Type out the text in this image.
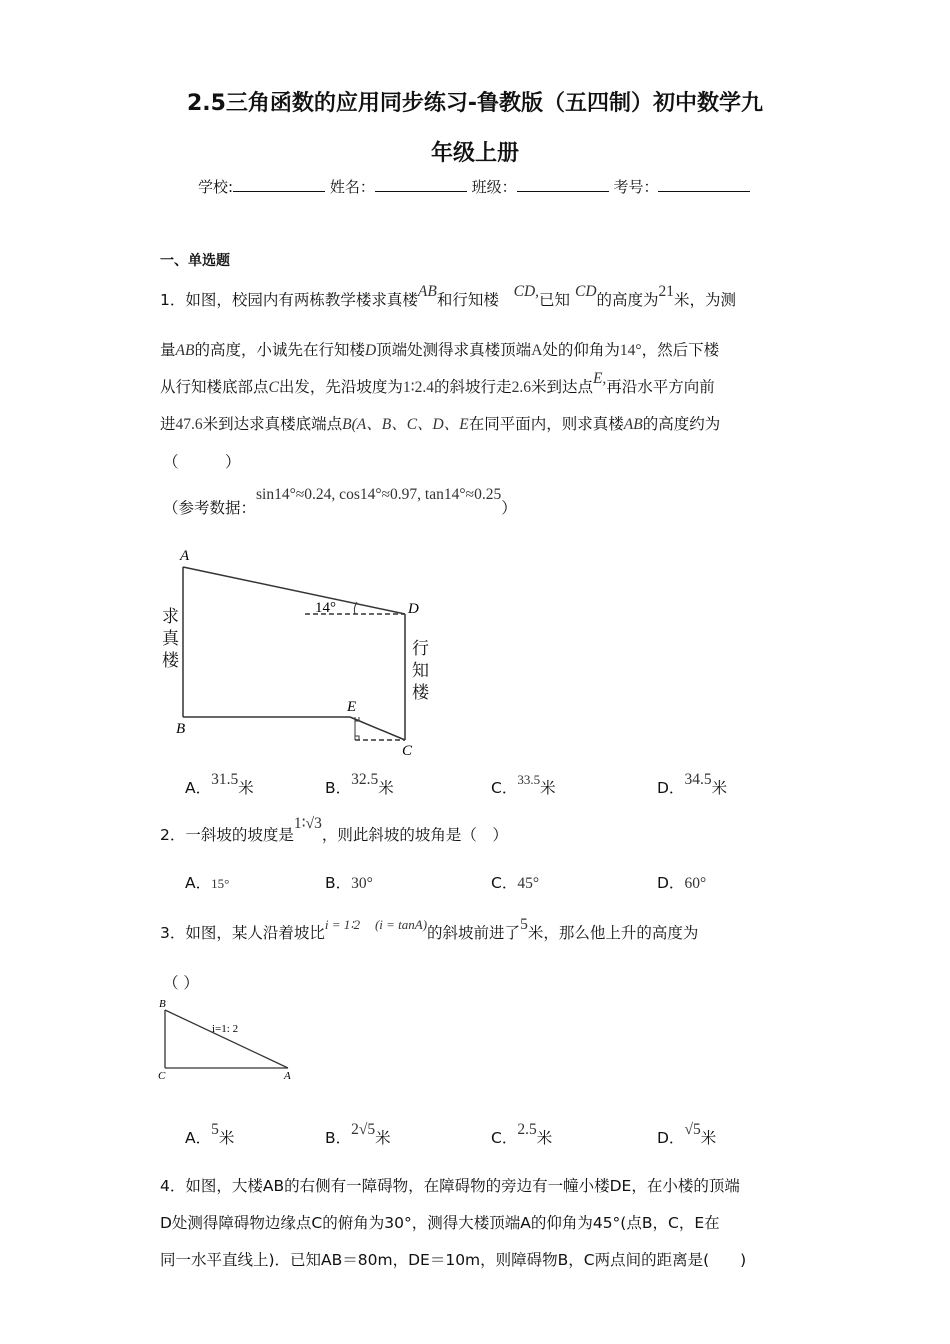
2.5三角函数的应用同步练习-鲁教版（五四制）初中数学九
年级上册
学校:	姓名：	班级：	考号：
一、单选题
1．如图，校园内有两栋教学楼求真楼AB和行知楼 CD,已知 CD的高度为21米，为测
量AB的高度，小诚先在行知楼D顶端处测得求真楼顶端A处的仰角为14°，然后下楼
从行知楼底部点C出发，先沿坡度为1∶2.4的斜坡行走2.6米到达点E,再沿水平方向前
进47.6米到达求真楼底端点B(A、B、C、D、E在同平面内，则求真楼AB的高度约为
（　　　）
（参考数据：sin14°≈0.24, cos14°≈0.97, tan14°≈0.25）
A
D
B
E
C
14°
求真楼
行知楼
A．31.5米	B．32.5米	C．$^{33.5}$米	D．34.5米
2．一斜坡的坡度是1∶√3，则此斜坡的坡角是（　）
A．15°	B．30°	C．45°	D．60°
3．如图，某人沿着坡比$^{i = 1∶2}$ $^{(i = tanA)}$的斜坡前进了5米，那么他上升的高度为
（ ）
B
C	A
i=1: 2
A．5米	B．2√5米	C．2.5米	D．√5米
4．如图，大楼AB的右侧有一障碍物，在障碍物的旁边有一幢小楼DE，在小楼的顶端
D处测得障碍物边缘点C的俯角为30°，测得大楼顶端A的仰角为45°(点B，C，E在
同一水平直线上)．已知AB＝80m，DE＝10m，则障碍物B，C两点间的距离是(　　)
